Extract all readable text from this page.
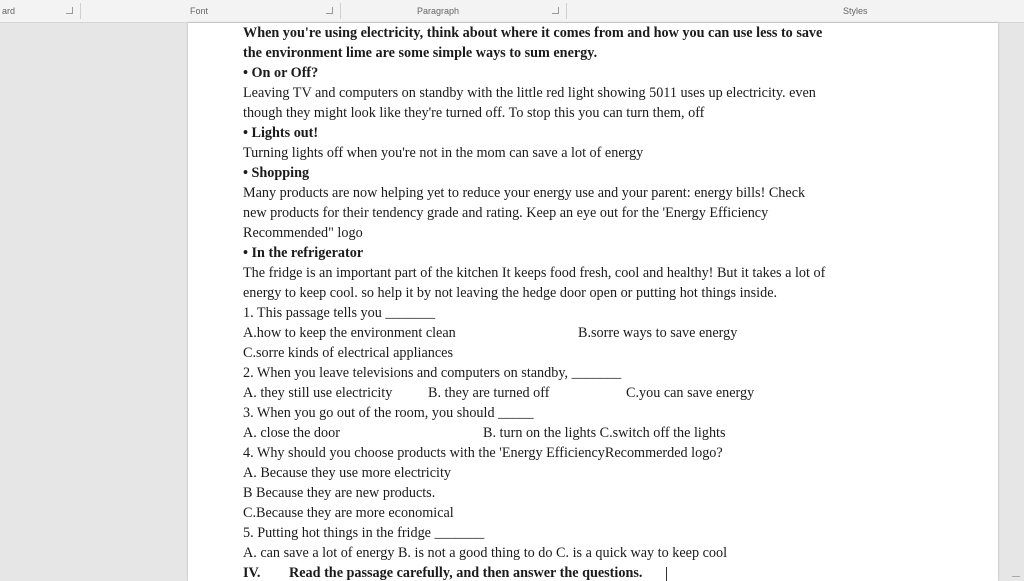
ard	Font	Paragraph	Styles
When you're using electricity, think about where it comes from and how you can use less to save
the environment lime are some simple ways to sum energy.
• On or Off?
Leaving TV and computers on standby with the little red light showing 5011 uses up electricity. even
though they might look like they're turned off. To stop this you can turn them, off
• Lights out!
Turning lights off when you're not in the mom can save a lot of energy
• Shopping
Many products are now helping yet to reduce your energy use and your parent: energy bills! Check
new products for their tendency grade and rating. Keep an eye out for the 'Energy Efficiency
Recommended" logo
• In the refrigerator
The fridge is an important part of the kitchen It keeps food fresh, cool and healthy! But it takes a lot of
energy to keep cool. so help it by not leaving the hedge door open or putting hot things inside.
1. This passage tells you _______
A.how to keep the environment clean	B.sorre ways to save energy
C.sorre kinds of electrical appliances
2. When you leave televisions and computers on standby, _______
A. they still use electricity	B. they are turned off	C.you can save energy
3. When you go out of the room, you should _____
A. close the door	B. turn on the lights C.switch off the lights
4. Why should you choose products with the 'Energy EfficiencyRecommerded logo?
A. Because they use more electricity
B Because they are new products.
C.Because they are more economical
5. Putting hot things in the fridge _______
A. can save a lot of energy B. is not a good thing to do C. is a quick way to keep cool
IV. Read the passage carefully, and then answer the questions.
